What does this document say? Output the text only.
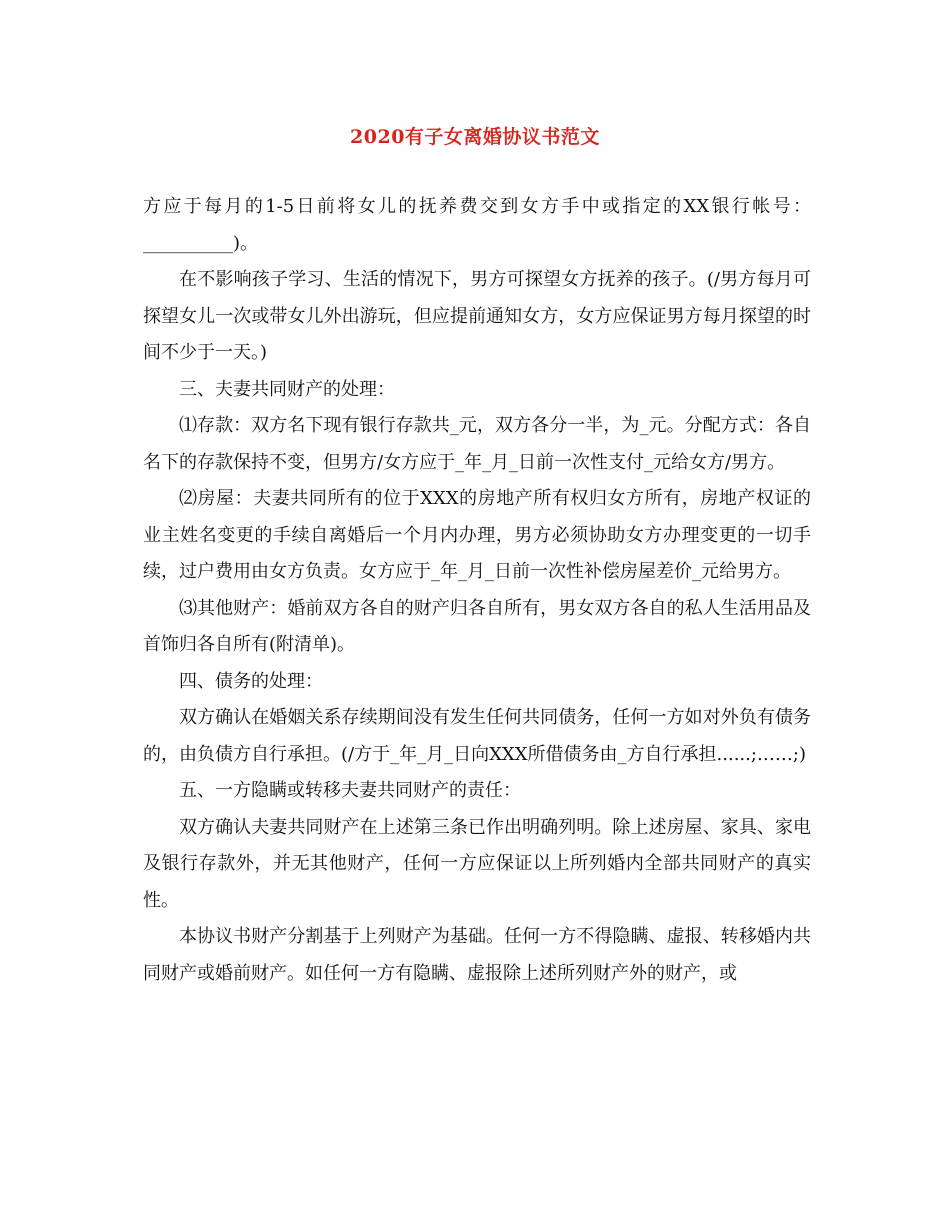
2020有子女离婚协议书范文

方应于每月的1-5日前将女儿的抚养费交到女方手中或指定的XX银行帐号：__________)。

在不影响孩子学习、生活的情况下，男方可探望女方抚养的孩子。(/男方每月可探望女儿一次或带女儿外出游玩，但应提前通知女方，女方应保证男方每月探望的时间不少于一天。)

三、夫妻共同财产的处理：

⑴存款：双方名下现有银行存款共_元，双方各分一半，为_元。分配方式：各自名下的存款保持不变，但男方/女方应于_年_月_日前一次性支付_元给女方/男方。

⑵房屋：夫妻共同所有的位于XXX的房地产所有权归女方所有，房地产权证的业主姓名变更的手续自离婚后一个月内办理，男方必须协助女方办理变更的一切手续，过户费用由女方负责。女方应于_年_月_日前一次性补偿房屋差价_元给男方。

⑶其他财产：婚前双方各自的财产归各自所有，男女双方各自的私人生活用品及首饰归各自所有(附清单)。

四、债务的处理：

双方确认在婚姻关系存续期间没有发生任何共同债务，任何一方如对外负有债务的，由负债方自行承担。(/方于_年_月_日向XXX所借债务由_方自行承担......;……;)

五、一方隐瞒或转移夫妻共同财产的责任：

双方确认夫妻共同财产在上述第三条已作出明确列明。除上述房屋、家具、家电及银行存款外，并无其他财产，任何一方应保证以上所列婚内全部共同财产的真实性。

本协议书财产分割基于上列财产为基础。任何一方不得隐瞒、虚报、转移婚内共同财产或婚前财产。如任何一方有隐瞒、虚报除上述所列财产外的财产，或
